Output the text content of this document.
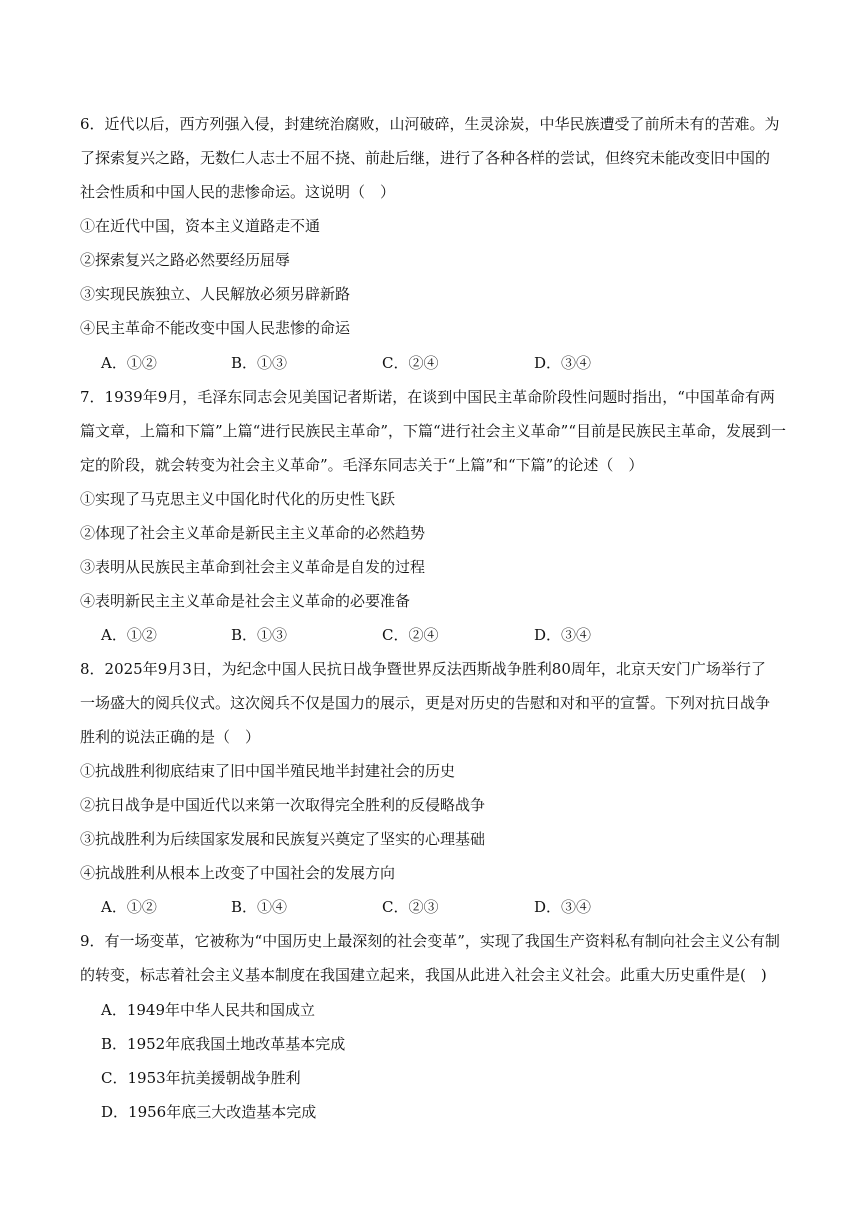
6．近代以后，西方列强入侵，封建统治腐败，山河破碎，生灵涂炭，中华民族遭受了前所未有的苦难。为
了探索复兴之路，无数仁人志士不屈不挠、前赴后继，进行了各种各样的尝试，但终究未能改变旧中国的
社会性质和中国人民的悲惨命运。这说明（　）
①在近代中国，资本主义道路走不通
②探索复兴之路必然要经历屈辱
③实现民族独立、人民解放必须另辟新路
④民主革命不能改变中国人民悲惨的命运
A．①②	B．①③	C．②④	D．③④
7．1939年9月，毛泽东同志会见美国记者斯诺，在谈到中国民主革命阶段性问题时指出，“中国革命有两
篇文章，上篇和下篇”上篇“进行民族民主革命”，下篇“进行社会主义革命”“目前是民族民主革命，发展到一
定的阶段，就会转变为社会主义革命”。毛泽东同志关于“上篇”和“下篇”的论述（　）
①实现了马克思主义中国化时代化的历史性飞跃
②体现了社会主义革命是新民主主义革命的必然趋势
③表明从民族民主革命到社会主义革命是自发的过程
④表明新民主主义革命是社会主义革命的必要准备
A．①②	B．①③	C．②④	D．③④
8．2025年9月3日，为纪念中国人民抗日战争暨世界反法西斯战争胜利80周年，北京天安门广场举行了
一场盛大的阅兵仪式。这次阅兵不仅是国力的展示，更是对历史的告慰和对和平的宣誓。下列对抗日战争
胜利的说法正确的是（　）
①抗战胜利彻底结束了旧中国半殖民地半封建社会的历史
②抗日战争是中国近代以来第一次取得完全胜利的反侵略战争
③抗战胜利为后续国家发展和民族复兴奠定了坚实的心理基础
④抗战胜利从根本上改变了中国社会的发展方向
A．①②	B．①④	C．②③	D．③④
9．有一场变革，它被称为“中国历史上最深刻的社会变革”，实现了我国生产资料私有制向社会主义公有制
的转变，标志着社会主义基本制度在我国建立起来，我国从此进入社会主义社会。此重大历史重件是(　)
A．1949年中华人民共和国成立
B．1952年底我国土地改革基本完成
C．1953年抗美援朝战争胜利
D．1956年底三大改造基本完成
